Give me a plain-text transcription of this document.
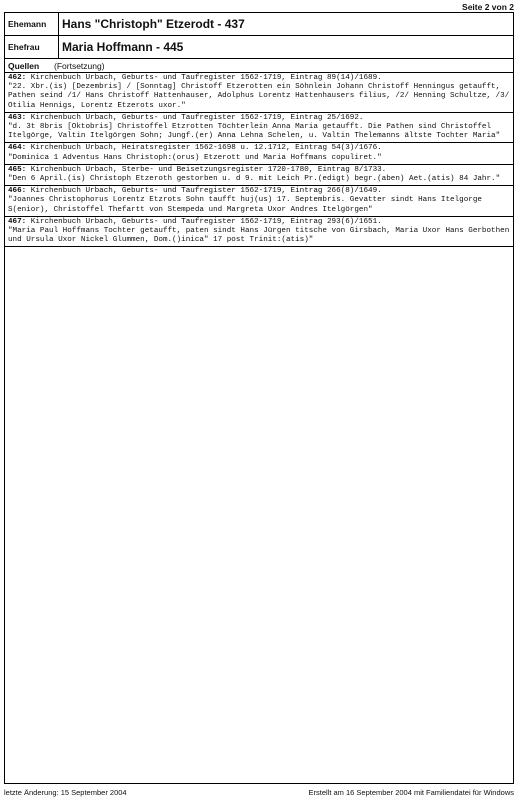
Seite 2 von 2
Ehemann	Hans "Christoph" Etzerodt - 437
Ehefrau	Maria Hoffmann - 445
Quellen	(Fortsetzung)
462: Kirchenbuch Urbach, Geburts- und Taufregister 1562-1719, Eintrag 89(14)/1689.
"22. Xbr.(is) [Dezembris] / [Sonntag] Christoff Etzerotten ein Söhnlein Johann Christoff Henningus getaufft, Pathen seind /1/ Hans Christoff Hattenhauser, Adolphus Lorentz Hattenhausers filius, /2/ Henning Schultze, /3/ Otilia Hennigs, Lorentz Etzerots uxor."
463: Kirchenbuch Urbach, Geburts- und Taufregister 1562-1719, Eintrag 25/1692.
"d. 3t 8bris [Oktobris] Christoffel Etzrotten Töchterlein Anna Maria getaufft. Die Pathen sind Christoffel Itelgörge, Valtin Itelgörgen Sohn; Jungf.(er) Anna Lehna Schelen, u. Valtin Thelemanns ältste Tochter Maria"
464: Kirchenbuch Urbach, Heiratsregister 1562-1698 u. 12.1712, Eintrag 54(3)/1676.
"Dominica 1 Adventus Hans Christoph:(orus) Etzerott und Maria Hoffmans copuliret."
465: Kirchenbuch Urbach, Sterbe- und Beisetzungsregister 1720-1780, Eintrag 8/1733.
"Den 6 April.(is) Christoph Etzeroth gestorben u. d 9. mit Leich Pr.(edigt) begr.(aben) Aet.(atis) 84 Jahr."
466: Kirchenbuch Urbach, Geburts- und Taufregister 1562-1719, Eintrag 266(8)/1649.
"Joannes Christophorus Lorentz Etzrots Sohn taufft huj(us) 17. Septembris. Gevatter sindt Hans Itelgorge S(enior), Christoffel Thefartt von Stempeda und Margreta Uxor Andres Itelgörgen"
467: Kirchenbuch Urbach, Geburts- und Taufregister 1562-1719, Eintrag 293(6)/1651.
"Maria Paul Hoffmans Tochter getaufft, paten sindt Hans Jürgen titsche von Girsbach, Maria Uxor Hans Gerbothen und Ursula Uxor Nickel Glummen, Dom.()inica" 17 post Trinit:(atis)"
letzte Änderung: 15 September 2004	Erstellt am 16 September 2004 mit Familiendatei für Windows
